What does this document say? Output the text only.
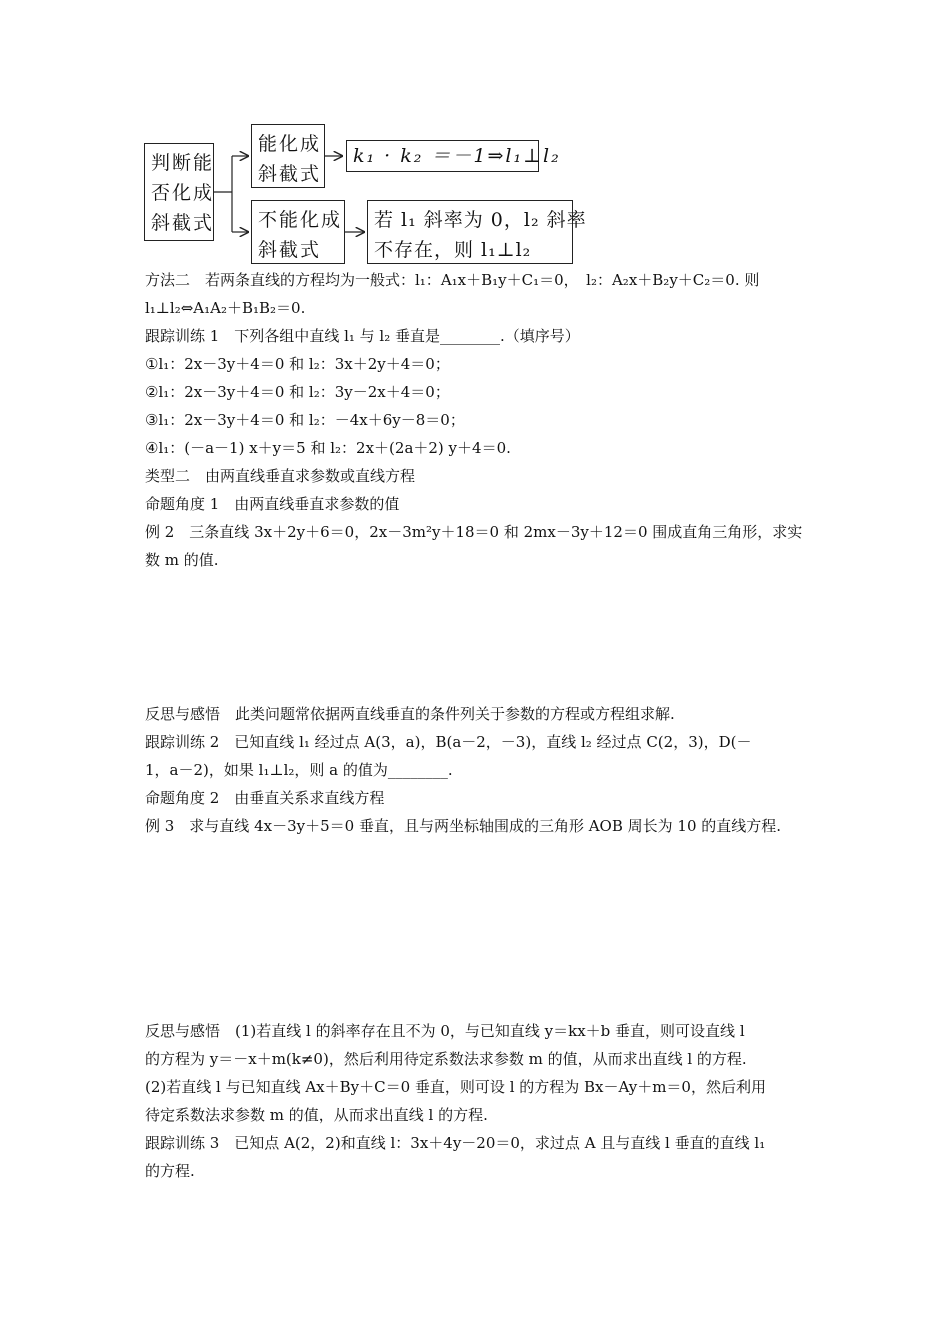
判断能
否化成
斜截式
能化成
斜截式
不能化成
斜截式
k₁ · k₂ ＝－1⇒l₁⊥l₂
若 l₁ 斜率为 0，l₂ 斜率
不存在，则 l₁⊥l₂
方法二　若两条直线的方程均为一般式：l₁：A₁x＋B₁y＋C₁＝0，　l₂：A₂x＋B₂y＋C₂＝0. 则
l₁⊥l₂⇔A₁A₂＋B₁B₂＝0.
跟踪训练 1　下列各组中直线 l₁ 与 l₂ 垂直是________.（填序号）
①l₁：2x－3y＋4＝0 和 l₂：3x＋2y＋4＝0；
②l₁：2x－3y＋4＝0 和 l₂：3y－2x＋4＝0；
③l₁：2x－3y＋4＝0 和 l₂：－4x＋6y－8＝0；
④l₁：(－a－1) x＋y＝5 和 l₂：2x＋(2a＋2) y＋4＝0.
类型二　由两直线垂直求参数或直线方程
命题角度 1　由两直线垂直求参数的值
例 2　三条直线 3x＋2y＋6＝0，2x－3m²y＋18＝0 和 2mx－3y＋12＝0 围成直角三角形，求实
数 m 的值.
反思与感悟　此类问题常依据两直线垂直的条件列关于参数的方程或方程组求解.
跟踪训练 2　已知直线 l₁ 经过点 A(3，a)，B(a－2，－3)，直线 l₂ 经过点 C(2，3)，D(－
1，a－2)，如果 l₁⊥l₂，则 a 的值为________.
命题角度 2　由垂直关系求直线方程
例 3　求与直线 4x－3y＋5＝0 垂直，且与两坐标轴围成的三角形 AOB 周长为 10 的直线方程.
反思与感悟　(1)若直线 l 的斜率存在且不为 0，与已知直线 y＝kx＋b 垂直，则可设直线 l
的方程为 y＝－x＋m(k≠0)，然后利用待定系数法求参数 m 的值，从而求出直线 l 的方程.
(2)若直线 l 与已知直线 Ax＋By＋C＝0 垂直，则可设 l 的方程为 Bx－Ay＋m＝0，然后利用
待定系数法求参数 m 的值，从而求出直线 l 的方程.
跟踪训练 3　已知点 A(2，2)和直线 l：3x＋4y－20＝0，求过点 A 且与直线 l 垂直的直线 l₁
的方程.
